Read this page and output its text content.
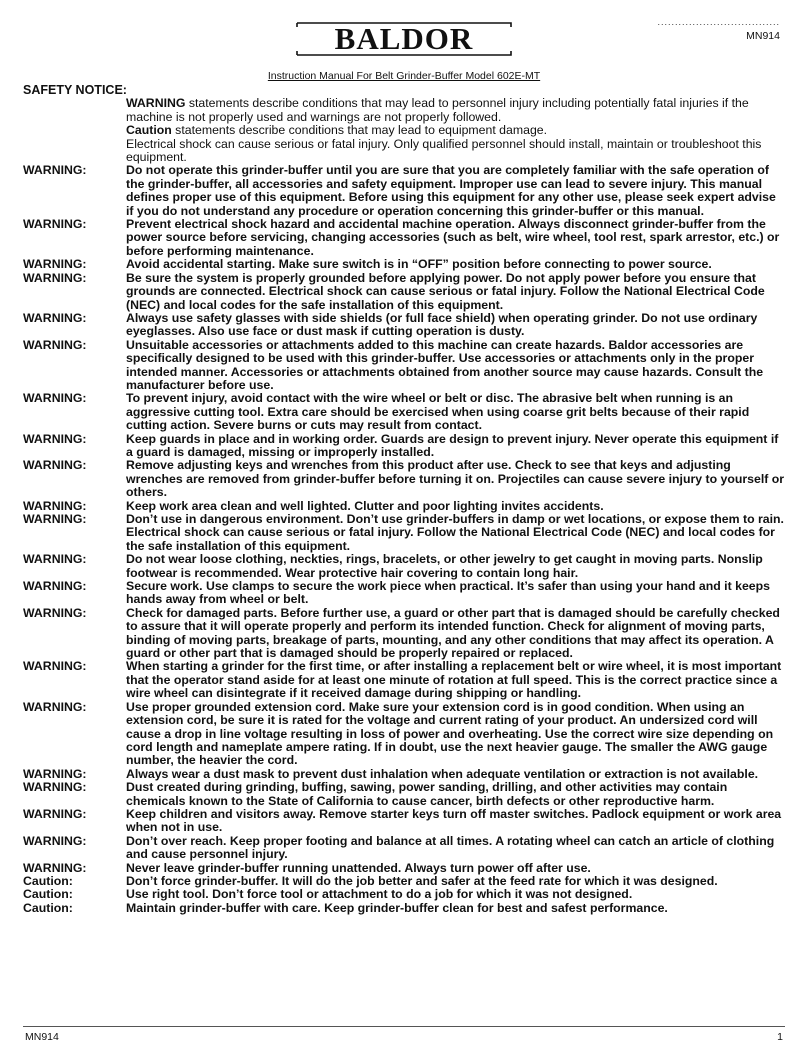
BALDOR	...................................
MN914
Instruction Manual For Belt Grinder-Buffer Model 602E-MT
SAFETY NOTICE:
WARNING statements describe conditions that may lead to personnel injury including potentially fatal injuries if the machine is not properly used and warnings are not properly followed.
Caution statements describe conditions that may lead to equipment damage.
Electrical shock can cause serious or fatal injury. Only qualified personnel should install, maintain or troubleshoot this equipment.
WARNING:	Do not operate this grinder-buffer until you are sure that you are completely familiar with the safe operation of the grinder-buffer, all accessories and safety equipment. Improper use can lead to severe injury. This manual defines proper use of this equipment. Before using this equipment for any other use, please seek expert advise if you do not understand any procedure or operation concerning this grinder-buffer or this manual.
WARNING:	Prevent electrical shock hazard and accidental machine operation. Always disconnect grinder-buffer from the power source before servicing, changing accessories (such as belt, wire wheel, tool rest, spark arrestor, etc.) or before performing maintenance.
WARNING:	Avoid accidental starting. Make sure switch is in “OFF” position before connecting to power source.
WARNING:	Be sure the system is properly grounded before applying power. Do not apply power before you ensure that grounds are connected. Electrical shock can cause serious or fatal injury. Follow the National Electrical Code (NEC) and local codes for the safe installation of this equipment.
WARNING:	Always use safety glasses with side shields (or full face shield) when operating grinder. Do not use ordinary eyeglasses. Also use face or dust mask if cutting operation is dusty.
WARNING:	Unsuitable accessories or attachments added to this machine can create hazards. Baldor accessories are specifically designed to be used with this grinder-buffer. Use accessories or attachments only in the proper intended manner. Accessories or attachments obtained from another source may cause hazards. Consult the manufacturer before use.
WARNING:	To prevent injury, avoid contact with the wire wheel or belt or disc. The abrasive belt when running is an aggressive cutting tool. Extra care should be exercised when using coarse grit belts because of their rapid cutting action. Severe burns or cuts may result from contact.
WARNING:	Keep guards in place and in working order. Guards are design to prevent injury. Never operate this equipment if a guard is damaged, missing or improperly installed.
WARNING:	Remove adjusting keys and wrenches from this product after use. Check to see that keys and adjusting wrenches are removed from grinder-buffer before turning it on. Projectiles can cause severe injury to yourself or others.
WARNING:	Keep work area clean and well lighted. Clutter and poor lighting invites accidents.
WARNING:	Don’t use in dangerous environment. Don’t use grinder-buffers in damp or wet locations, or expose them to rain. Electrical shock can cause serious or fatal injury. Follow the National Electrical Code (NEC) and local codes for the safe installation of this equipment.
WARNING:	Do not wear loose clothing, neckties, rings, bracelets, or other jewelry to get caught in moving parts. Nonslip footwear is recommended. Wear protective hair covering to contain long hair.
WARNING:	Secure work. Use clamps to secure the work piece when practical. It’s safer than using your hand and it keeps hands away from wheel or belt.
WARNING:	Check for damaged parts. Before further use, a guard or other part that is damaged should be carefully checked to assure that it will operate properly and perform its intended function. Check for alignment of moving parts, binding of moving parts, breakage of parts, mounting, and any other conditions that may affect its operation. A guard or other part that is damaged should be properly repaired or replaced.
WARNING:	When starting a grinder for the first time, or after installing a replacement belt or wire wheel, it is most important that the operator stand aside for at least one minute of rotation at full speed. This is the correct practice since a wire wheel can disintegrate if it received damage during shipping or handling.
WARNING:	Use proper grounded extension cord. Make sure your extension cord is in good condition. When using an extension cord, be sure it is rated for the voltage and current rating of your product. An undersized cord will cause a drop in line voltage resulting in loss of power and overheating. Use the correct wire size depending on cord length and nameplate ampere rating. If in doubt, use the next heavier gauge. The smaller the AWG gauge number, the heavier the cord.
WARNING:	Always wear a dust mask to prevent dust inhalation when adequate ventilation or extraction is not available.
WARNING:	Dust created during grinding, buffing, sawing, power sanding, drilling, and other activities may contain chemicals known to the State of California to cause cancer, birth defects or other reproductive harm.
WARNING:	Keep children and visitors away. Remove starter keys turn off master switches. Padlock equipment or work area when not in use.
WARNING:	Don’t over reach. Keep proper footing and balance at all times. A rotating wheel can catch an article of clothing and cause personnel injury.
WARNING:	Never leave grinder-buffer running unattended. Always turn power off after use.
Caution:	Don’t force grinder-buffer. It will do the job better and safer at the feed rate for which it was designed.
Caution:	Use right tool. Don’t force tool or attachment to do a job for which it was not designed.
Caution:	Maintain grinder-buffer with care. Keep grinder-buffer clean for best and safest performance.
MN914	1
